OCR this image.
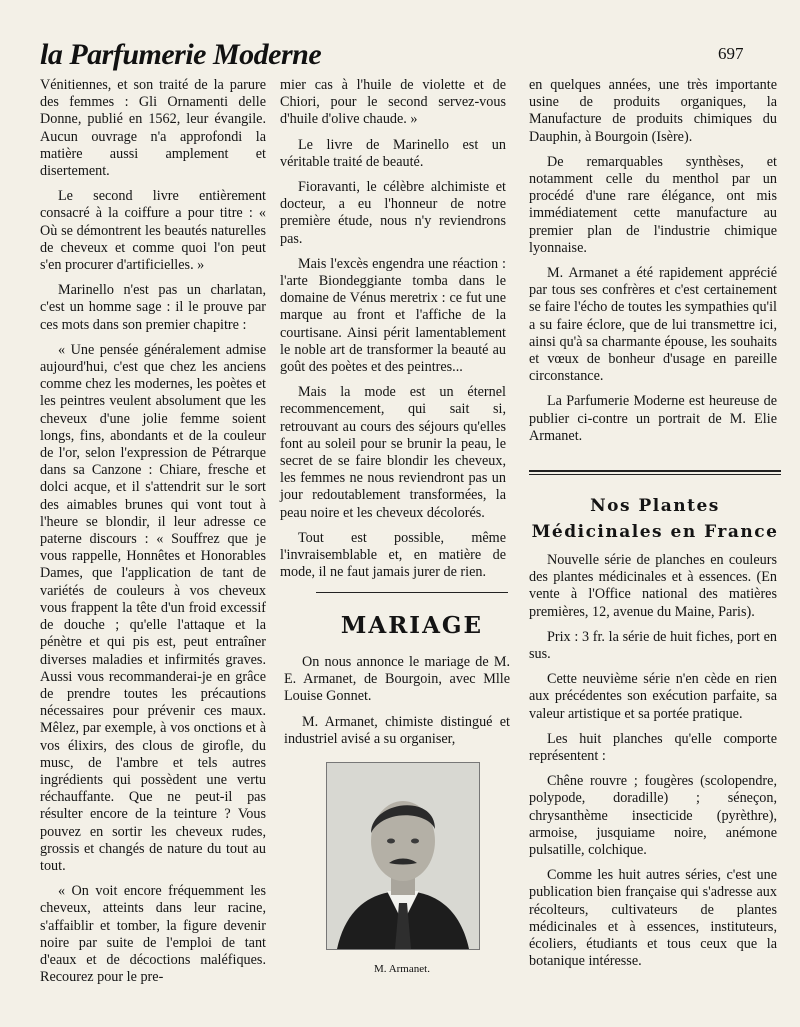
la Parfumerie Moderne	697

Vénitiennes, et son traité de la parure des femmes : Gli Ornamenti delle Donne, publié en 1562, leur évangile. Aucun ouvrage n'a approfondi la matière aussi amplement et disertement.

Le second livre entièrement consacré à la coiffure a pour titre : « Où se démontrent les beautés naturelles de cheveux et comme quoi l'on peut s'en procurer d'artificielles. »

Marinello n'est pas un charlatan, c'est un homme sage : il le prouve par ces mots dans son premier chapitre :

« Une pensée généralement admise aujourd'hui, c'est que chez les anciens comme chez les modernes, les poètes et les peintres veulent absolument que les cheveux d'une jolie femme soient longs, fins, abondants et de la couleur de l'or, selon l'expression de Pétrarque dans sa Canzone : Chiare, fresche et dolci acque, et il s'attendrit sur le sort des aimables brunes qui vont tout à l'heure se blondir, il leur adresse ce paterne discours : « Souffrez que je vous rappelle, Honnêtes et Honorables Dames, que l'application de tant de variétés de couleurs à vos cheveux vous frappent la tête d'un froid excessif de douche ; qu'elle l'attaque et la pénètre et qui pis est, peut entraîner diverses maladies et infirmités graves. Aussi vous recommanderai-je en grâce de prendre toutes les précautions nécessaires pour prévenir ces maux. Mêlez, par exemple, à vos onctions et à vos élixirs, des clous de girofle, du musc, de l'ambre et tels autres ingrédients qui possèdent une vertu réchauffante. Que ne peut-il pas résulter encore de la teinture ? Vous pouvez en sortir les cheveux rudes, grossis et changés de nature du tout au tout.

« On voit encore fréquemment les cheveux, atteints dans leur racine, s'affaiblir et tomber, la figure devenir noire par suite de l'emploi de tant d'eaux et de décoctions maléfiques. Recourez pour le pre-

mier cas à l'huile de violette et de Chiori, pour le second servez-vous d'huile d'olive chaude. »

Le livre de Marinello est un véritable traité de beauté.

Fioravanti, le célèbre alchimiste et docteur, a eu l'honneur de notre première étude, nous n'y reviendrons pas.

Mais l'excès engendra une réaction : l'arte Biondeggiante tomba dans le domaine de Vénus meretrix : ce fut une marque au front et l'affiche de la courtisane. Ainsi périt lamentablement le noble art de transformer la beauté au goût des poètes et des peintres...

Mais la mode est un éternel recommencement, qui sait si, retrouvant au cours des séjours qu'elles font au soleil pour se brunir la peau, le secret de se faire blondir les cheveux, les femmes ne nous reviendront pas un jour redoutablement transformées, la peau noire et les cheveux décolorés.

Tout est possible, même l'invraisemblable et, en matière de mode, il ne faut jamais jurer de rien.

MARIAGE

On nous annonce le mariage de M. E. Armanet, de Bourgoin, avec Mlle Louise Gonnet.

M. Armanet, chimiste distingué et industriel avisé a su organiser,

M. Armanet.

en quelques années, une très importante usine de produits organiques, la Manufacture de produits chimiques du Dauphin, à Bourgoin (Isère).

De remarquables synthèses, et notamment celle du menthol par un procédé d'une rare élégance, ont mis immédiatement cette manufacture au premier plan de l'industrie chimique lyonnaise.

M. Armanet a été rapidement apprécié par tous ses confrères et c'est certainement se faire l'écho de toutes les sympathies qu'il a su faire éclore, que de lui transmettre ici, ainsi qu'à sa charmante épouse, les souhaits et vœux de bonheur d'usage en pareille circonstance.

La Parfumerie Moderne est heureuse de publier ci-contre un portrait de M. Elie Armanet.

Nos Plantes
Médicinales en France

Nouvelle série de planches en couleurs des plantes médicinales et à essences. (En vente à l'Office national des matières premières, 12, avenue du Maine, Paris).

Prix : 3 fr. la série de huit fiches, port en sus.

Cette neuvième série n'en cède en rien aux précédentes son exécution parfaite, sa valeur artistique et sa portée pratique.

Les huit planches qu'elle comporte représentent :

Chêne rouvre ; fougères (scolopendre, polypode, doradille) ; séneçon, chrysanthème insecticide (pyrèthre), armoise, jusquiame noire, anémone pulsatille, colchique.

Comme les huit autres séries, c'est une publication bien française qui s'adresse aux récolteurs, cultivateurs de plantes médicinales et à essences, instituteurs, écoliers, étudiants et tous ceux que la botanique intéresse.
